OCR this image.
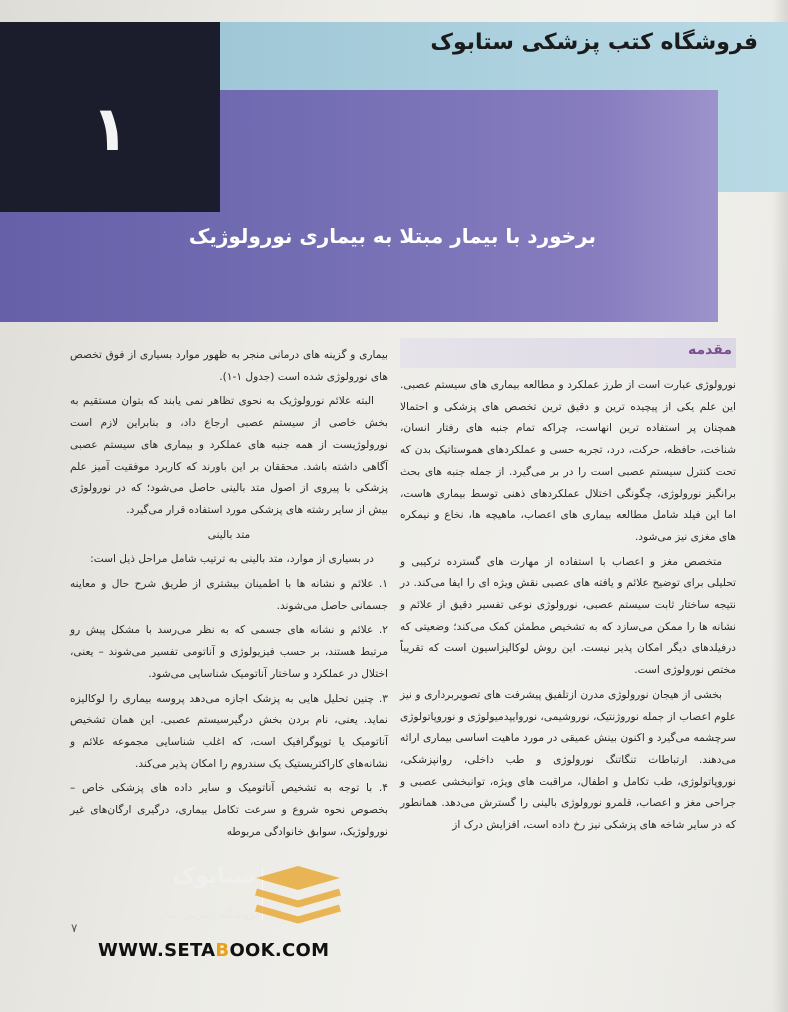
فروشگاه کتب پزشکی ستابوک
۱
برخورد با بیمار مبتلا به بیماری نورولوژیک
مقدمه

نورولوژی عبارت است از طرز عملکرد و مطالعه بیماری های سیستم عصبی. این علم یکی از پیچیده ترین و دقیق ترین تخصص های پزشکی و احتمالا همچنان پر استفاده ترین انهاست، چراکه تمام جنبه های رفتار انسان، شناخت، حافظه، حرکت، درد، تجربه حسی و عملکردهای هموستاتیک بدن که تحت کنترل سیستم عصبی است را در بر می‌گیرد. از جمله جنبه های بحث برانگیز نورولوژی، چگونگی اختلال عملکردهای ذهنی توسط بیماری هاست، اما این فیلد شامل مطالعه بیماری های اعصاب، ماهیچه ها، نخاع و نیمکره های مغزی نیز می‌شود.

متخصص مغز و اعصاب با استفاده از مهارت های گسترده ترکیبی و تحلیلی برای توضیح علائم و یافته های عصبی نقش ویژه ای را ایفا می‌کند. در نتیجه ساختار ثابت سیستم عصبی، نورولوژی نوعی تفسیر دقیق از علائم و نشانه ها را ممکن می‌سازد که به تشخیص مطمئن کمک می‌کند؛ وضعیتی که درفیلدهای دیگر امکان پذیر نیست. این روش لوکالیزاسیون است که تقریباً مختص نورولوژی است.

بخشی از هیجان نورولوژی مدرن ازتلفیق پیشرفت های تصویربرداری و نیز علوم اعصاب از جمله نوروژنتیک، نوروشیمی، نوروایپدمیولوژی و نوروپاتولوژی سرچشمه می‌گیرد و اکنون بینش عمیقی در مورد ماهیت اساسی بیماری ارائه می‌دهند. ارتباطات تنگاتنگ نورولوژی و طب داخلی، روانپزشکی، نوروپاتولوژی، طب تکامل و اطفال، مراقبت های ویژه، توانبخشی عصبی و جراحی مغز و اعصاب، قلمرو نورولوژی بالینی را گسترش می‌دهد. همانطور که در سایر شاخه های پزشکی نیز رخ داده است، افزایش درک از

بیماری و گزینه های درمانی منجر به ظهور موارد بسیاری از فوق تخصص های نورولوژی شده است (جدول ۱-۱).

البته علائم نورولوژیک به نحوی تظاهر نمی یابند که بتوان مستقیم به بخش خاصی از سیستم عصبی ارجاع داد، و بنابراین لازم است نورولوژیست از همه جنبه های عملکرد و بیماری های سیستم عصبی آگاهی داشته باشد. محققان بر این باورند که کاربرد موفقیت آمیز علم پزشکی با پیروی از اصول متد بالینی حاصل می‌شود؛ که در نورولوژی بیش از سایر رشته های پزشکی مورد استفاده قرار می‌گیرد.

متد بالینی

در بسیاری از موارد، متد بالینی به ترتیب شامل مراحل ذیل است:

۱. علائم و نشانه ها با اطمینان بیشتری از طریق شرح حال و معاینه جسمانی حاصل می‌شوند.

۲. علائم و نشانه های جسمی که به نظر می‌رسد با مشکل پیش رو مرتبط هستند، بر حسب فیزیولوژی و آناتومی تفسیر می‌شوند – یعنی، اختلال در عملکرد و ساختار آناتومیک شناسایی می‌شود.

۳. چنین تحلیل هایی به پزشک اجازه می‌دهد پروسه بیماری را لوکالیزه نماید. یعنی، نام بردن بخش درگیرسیستم عصبی. این همان تشخیص آناتومیک یا توپوگرافیک است، که اغلب شناسایی مجموعه علائم و نشانه‌های کاراکتریستیک یک سندروم را امکان پذیر می‌کند.

۴. با توجه به تشخیص آناتومیک و سایر داده های پزشکی خاص – بخصوص نحوه شروع و سرعت تکامل بیماری، درگیری ارگان‌های غیر نورولوژیک، سوابق خانوادگی مربوطه

۷
ستابوک
فروشگاه اینترنتی کتاب
WWW.SETABOOK.COM
